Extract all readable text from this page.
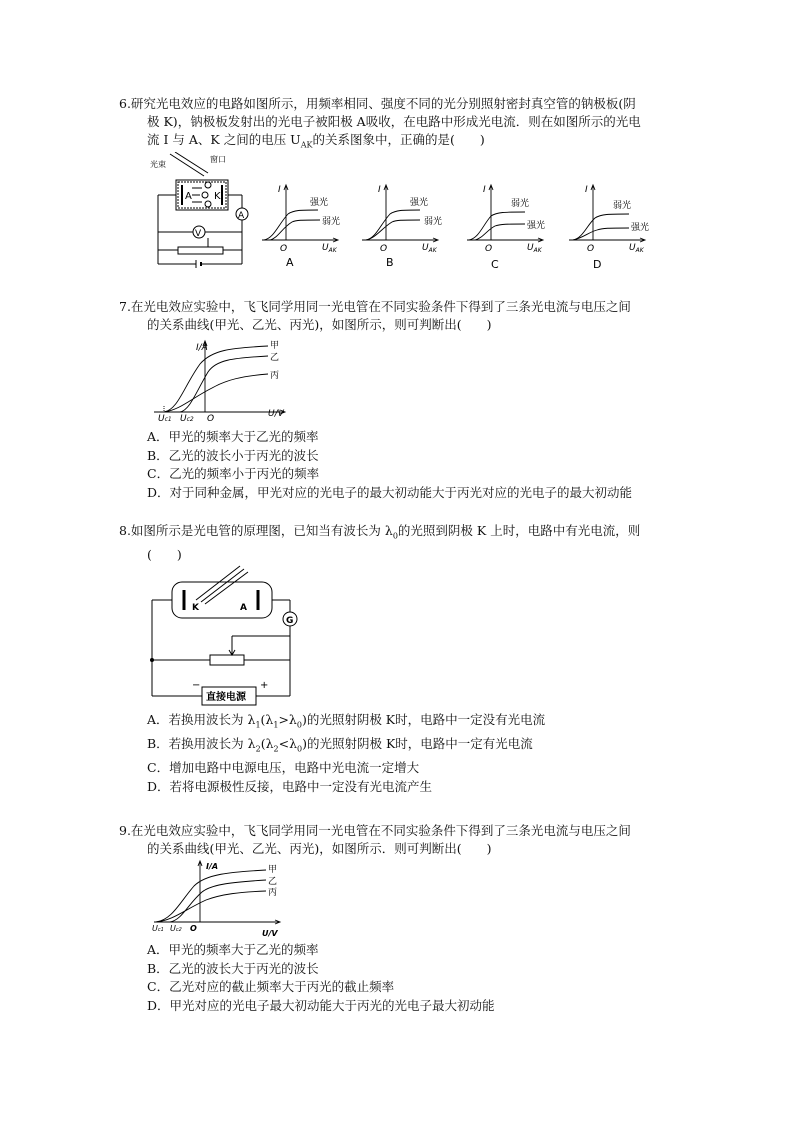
6.研究光电效应的电路如图所示，用频率相同、强度不同的光分别照射密封真空管的钠极板(阴

极 K)，钠极板发射出的光电子被阳极 A吸收，在电路中形成光电流．则在如图所示的光电

流 I 与 A、K 之间的电压 $U_{AK}$的关系图象中，正确的是(　　)

光束
窗口
A K
A
V
I
O	$U_{AK}$
强光
弱光
A
I
O	$U_{AK}$
强光
弱光
B
I
O	$U_{AK}$
弱光
强光
C
I
O	$U_{AK}$
弱光
强光
D

7.在光电效应实验中，飞飞同学用同一光电管在不同实验条件下得到了三条光电流与电压之间

的关系曲线(甲光、乙光、丙光)，如图所示，则可判断出(　　)

I/A
U/V
O
Uc1 Uc2
甲
乙
丙

A．甲光的频率大于乙光的频率

B．乙光的波长小于丙光的波长

C．乙光的频率小于丙光的频率

D．对于同种金属，甲光对应的光电子的最大初动能大于丙光对应的光电子的最大初动能

8.如图所示是光电管的原理图，已知当有波长为 $\lambda_0$的光照到阴极 K 上时，电路中有光电流，则

(　　)

K	A
G
−	+
直接电源

A．若换用波长为 $\lambda_1(\lambda_1>\lambda_0)$的光照射阴极 K时，电路中一定没有光电流

B．若换用波长为 $\lambda_2(\lambda_2<\lambda_0)$的光照射阴极 K时，电路中一定有光电流

C．增加电路中电源电压，电路中光电流一定增大

D．若将电源极性反接，电路中一定没有光电流产生

9.在光电效应实验中，飞飞同学用同一光电管在不同实验条件下得到了三条光电流与电压之间

的关系曲线(甲光、乙光、丙光)，如图所示．则可判断出(　　)

I/A
U/V
O
Uc1 Uc2
甲
乙
丙

A．甲光的频率大于乙光的频率

B．乙光的波长大于丙光的波长

C．乙光对应的截止频率大于丙光的截止频率

D．甲光对应的光电子最大初动能大于丙光的光电子最大初动能
